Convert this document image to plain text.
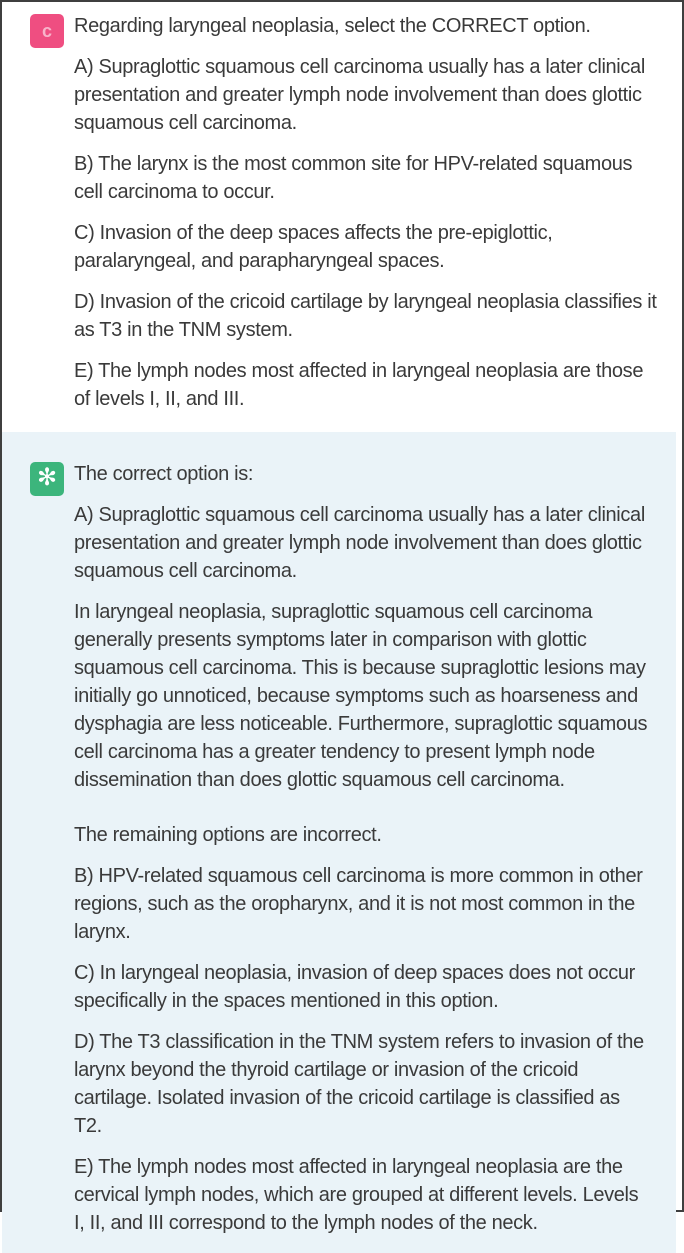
c Regarding laryngeal neoplasia, select the CORRECT option.

A) Supraglottic squamous cell carcinoma usually has a later clinical presentation and greater lymph node involvement than does glottic squamous cell carcinoma.

B) The larynx is the most common site for HPV-related squamous cell carcinoma to occur.

C) Invasion of the deep spaces affects the pre-epiglottic, paralaryngeal, and parapharyngeal spaces.

D) Invasion of the cricoid cartilage by laryngeal neoplasia classifies it as T3 in the TNM system.

E) The lymph nodes most affected in laryngeal neoplasia are those of levels I, II, and III.

✻ The correct option is:

A) Supraglottic squamous cell carcinoma usually has a later clinical presentation and greater lymph node involvement than does glottic squamous cell carcinoma.

In laryngeal neoplasia, supraglottic squamous cell carcinoma generally presents symptoms later in comparison with glottic squamous cell carcinoma. This is because supraglottic lesions may initially go unnoticed, because symptoms such as hoarseness and dysphagia are less noticeable. Furthermore, supraglottic squamous cell carcinoma has a greater tendency to present lymph node dissemination than does glottic squamous cell carcinoma.

The remaining options are incorrect.

B) HPV-related squamous cell carcinoma is more common in other regions, such as the oropharynx, and it is not most common in the larynx.

C) In laryngeal neoplasia, invasion of deep spaces does not occur specifically in the spaces mentioned in this option.

D) The T3 classification in the TNM system refers to invasion of the larynx beyond the thyroid cartilage or invasion of the cricoid cartilage. Isolated invasion of the cricoid cartilage is classified as T2.

E) The lymph nodes most affected in laryngeal neoplasia are the cervical lymph nodes, which are grouped at different levels. Levels I, II, and III correspond to the lymph nodes of the neck.
